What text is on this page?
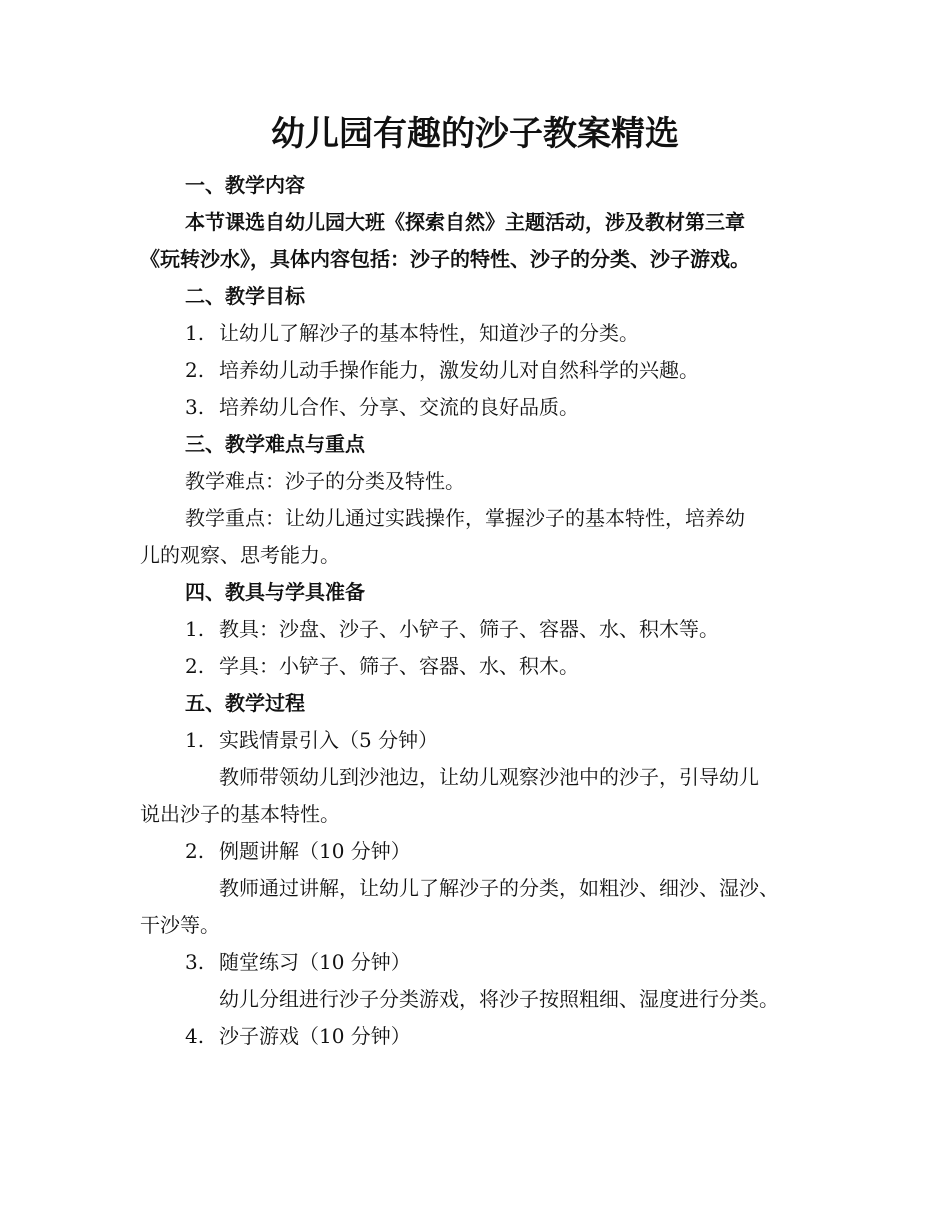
幼儿园有趣的沙子教案精选
一、教学内容
本节课选自幼儿园大班《探索自然》主题活动，涉及教材第三章
《玩转沙水》，具体内容包括：沙子的特性、沙子的分类、沙子游戏。
二、教学目标
1. 让幼儿了解沙子的基本特性，知道沙子的分类。
2. 培养幼儿动手操作能力，激发幼儿对自然科学的兴趣。
3. 培养幼儿合作、分享、交流的良好品质。
三、教学难点与重点
教学难点：沙子的分类及特性。
教学重点：让幼儿通过实践操作，掌握沙子的基本特性，培养幼
儿的观察、思考能力。
四、教具与学具准备
1. 教具：沙盘、沙子、小铲子、筛子、容器、水、积木等。
2. 学具：小铲子、筛子、容器、水、积木。
五、教学过程
1. 实践情景引入（5 分钟）
教师带领幼儿到沙池边，让幼儿观察沙池中的沙子，引导幼儿
说出沙子的基本特性。
2. 例题讲解（10 分钟）
教师通过讲解，让幼儿了解沙子的分类，如粗沙、细沙、湿沙、
干沙等。
3. 随堂练习（10 分钟）
幼儿分组进行沙子分类游戏，将沙子按照粗细、湿度进行分类。
4. 沙子游戏（10 分钟）
